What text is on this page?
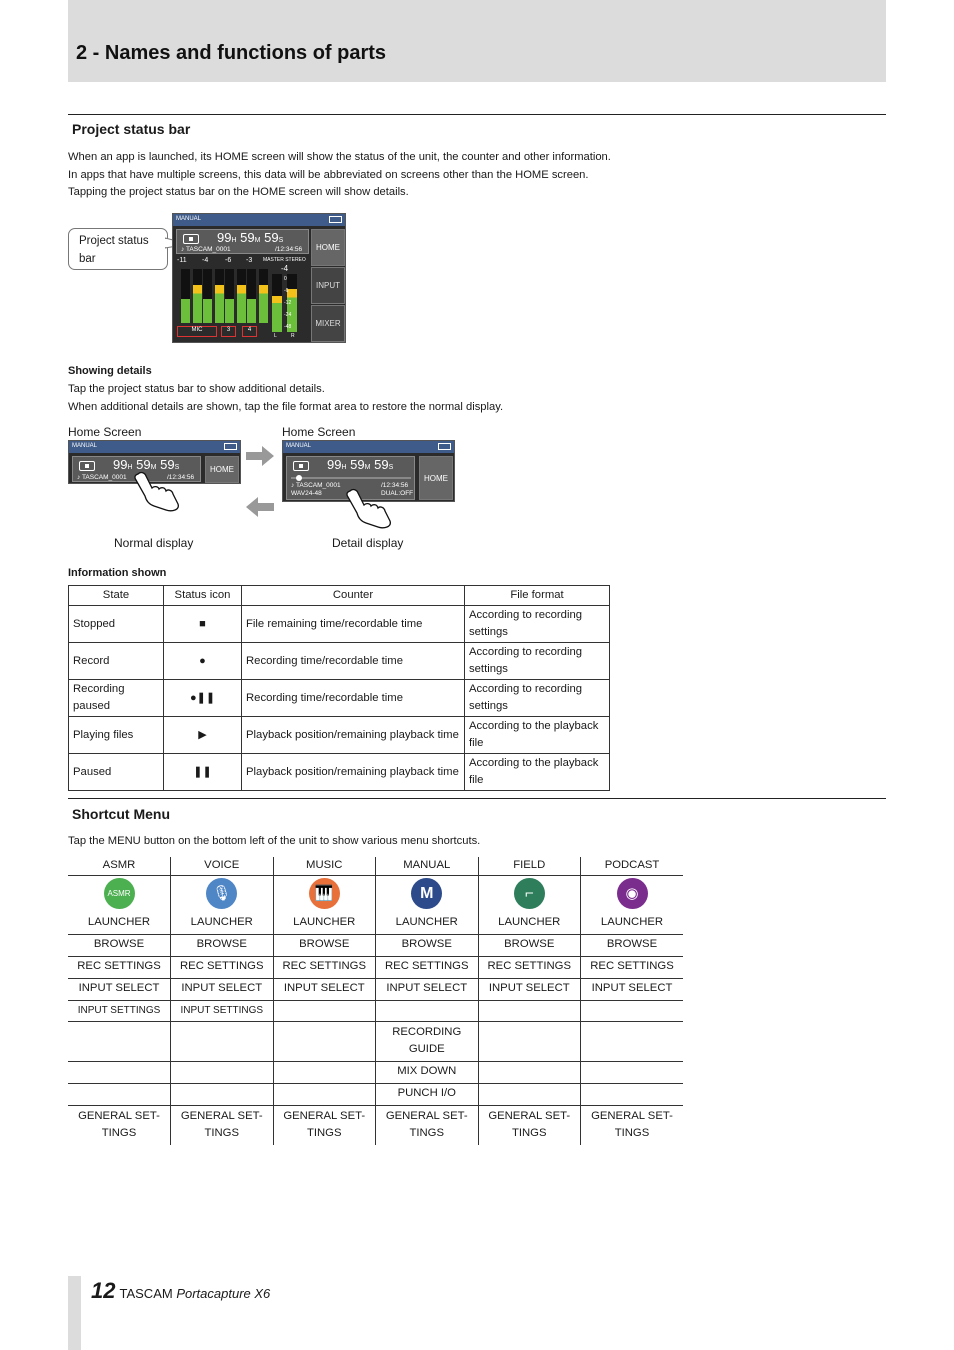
2 - Names and functions of parts
Project status bar

When an app is launched, its HOME screen will show the status of the unit, the counter and other information.
In apps that have multiple screens, this data will be abbreviated on screens other than the HOME screen.
Tapping the project status bar on the HOME screen will show details.

Project status bar
MANUAL
99H 59M 59S
♪ TASCAM_0001	/12:34:56	HOME
INPUT
MIXER
-11 -4 -6 -3 MASTER STEREO
-4
MIC	3	4
L	R
0
-6
-12
-24
-48
Showing details

Tap the project status bar to show additional details.
When additional details are shown, tap the file format area to restore the normal display.

Home Screen	Home Screen
MANUAL
99H 59M 59S
♪ TASCAM_0001	/12:34:56
HOME
MANUAL
99H 59M 59S
♪ TASCAM_0001	/12:34:56
WAV24-48	DUAL:OFF
HOME
Normal display	Detail display
Information shown
State	Status icon	Counter	File format
Stopped	■	File remaining time/recordable time	According to recording settings
Record	●	Recording time/recordable time	According to recording settings
Recording paused	●❚❚	Recording time/recordable time	According to recording settings
Playing files	▶	Playback position/remaining playback time	According to the playback file
Paused	❚❚	Playback position/remaining playback time	According to the playback file
Shortcut Menu

Tap the MENU button on the bottom left of the unit to show various menu shortcuts.

ASMR	VOICE	MUSIC	MANUAL	FIELD	PODCAST
ASMR	🎙	🎹	M	⌐	◉
LAUNCHER	LAUNCHER	LAUNCHER	LAUNCHER	LAUNCHER	LAUNCHER
BROWSE	BROWSE	BROWSE	BROWSE	BROWSE	BROWSE
REC SETTINGS	REC SETTINGS	REC SETTINGS	REC SETTINGS	REC SETTINGS	REC SETTINGS
INPUT SELECT	INPUT SELECT	INPUT SELECT	INPUT SELECT	INPUT SELECT	INPUT SELECT
INPUT SETTINGS	INPUT SETTINGS				
			RECORDING GUIDE		
			MIX DOWN		
			PUNCH I/O		
GENERAL SET-TINGS	GENERAL SET-TINGS	GENERAL SET-TINGS	GENERAL SET-TINGS	GENERAL SET-TINGS	GENERAL SET-TINGS
12 TASCAM Portacapture X6
